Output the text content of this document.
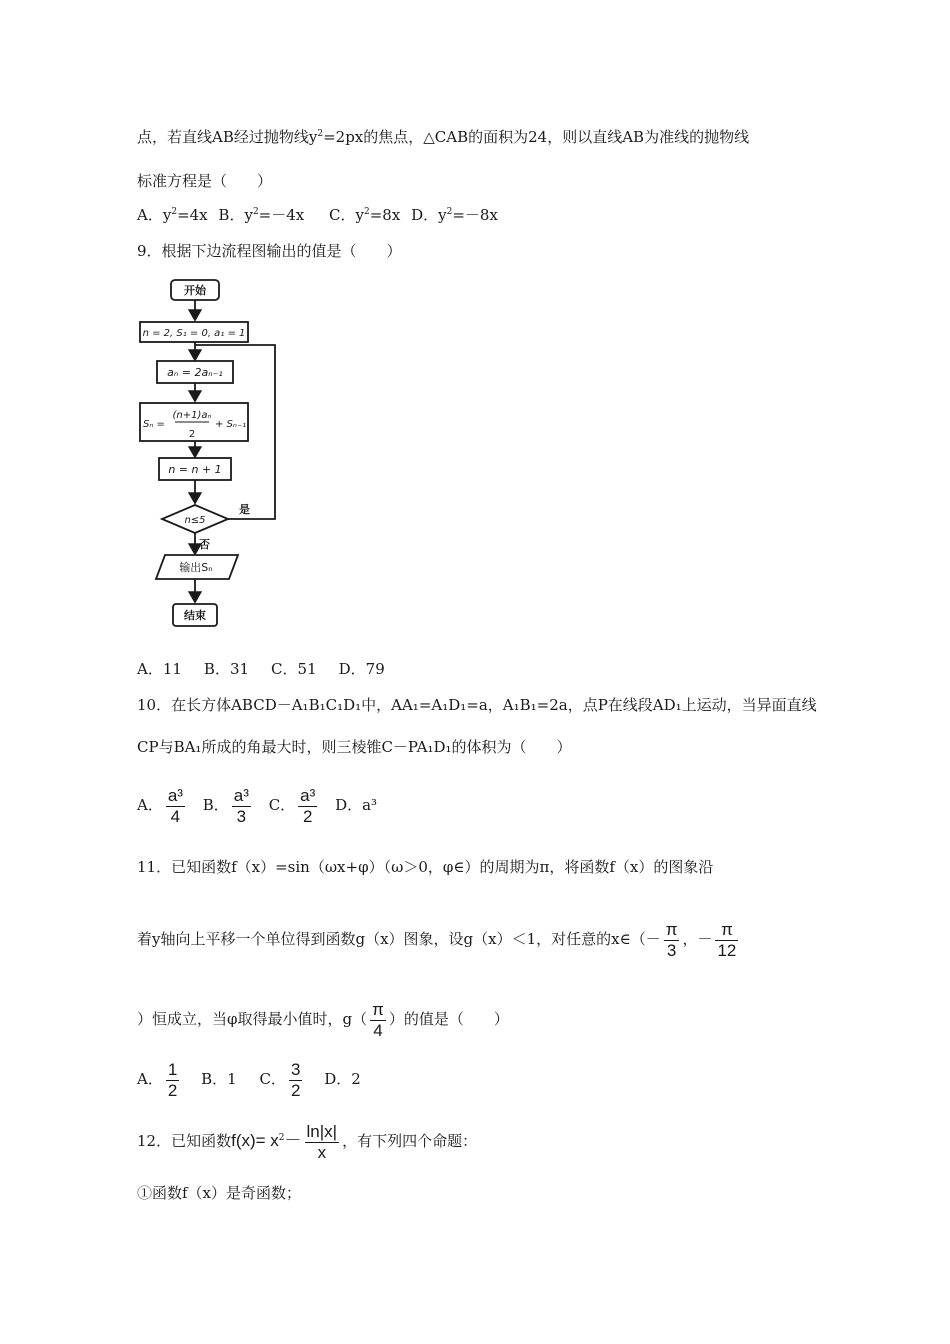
点，若直线AB经过抛物线$y^2=2px$的焦点，△CAB的面积为24，则以直线AB为准线的抛物线
标准方程是（　　）
A．$y^2=4x$ B．$y^2=-4x$ C．$y^2=8x$ D．$y^2=-8x$
9．根据下边流程图输出的值是（　　）
开始
n = 2, S₁ = 0, a₁ = 1
aₙ = 2aₙ₋₁
Sₙ =
(n+1)aₙ
2
+ Sₙ₋₁
n = n + 1
n≤5
是
否
输出Sₙ
结束
A．11 B．31 C．51 D．79
10．在长方体ABCD－A₁B₁C₁D₁中，AA₁=A₁D₁=a，A₁B₁=2a，点P在线段AD₁上运动，当异面直线
CP与BA₁所成的角最大时，则三棱锥C－PA₁D₁的体积为（　　）
A． $\frac{\text{a³}}{4}$ B． $\frac{\text{a³}}{3}$ C． $\frac{\text{a³}}{2}$ D．a³
11．已知函数f（x）=sin（ωx+φ）（ω＞0，φ∈）的周期为π，将函数f（x）的图象沿
着y轴向上平移一个单位得到函数g（x）图象，设g（x）＜1，对任意的x∈（－ $\frac{\pi}{3}$ ，－ $\frac{\pi}{12}$
）恒成立，当φ取得最小值时，$g( \frac{\pi}{4}$ ）的值是（　　）
A． $\frac{1}{2}$ B．1 C． $\frac{3}{2}$ D．2
12．已知函数$f(x)= x^2- \frac{\ln|x|}{x}$ ，有下列四个命题：
①函数f（x）是奇函数；
